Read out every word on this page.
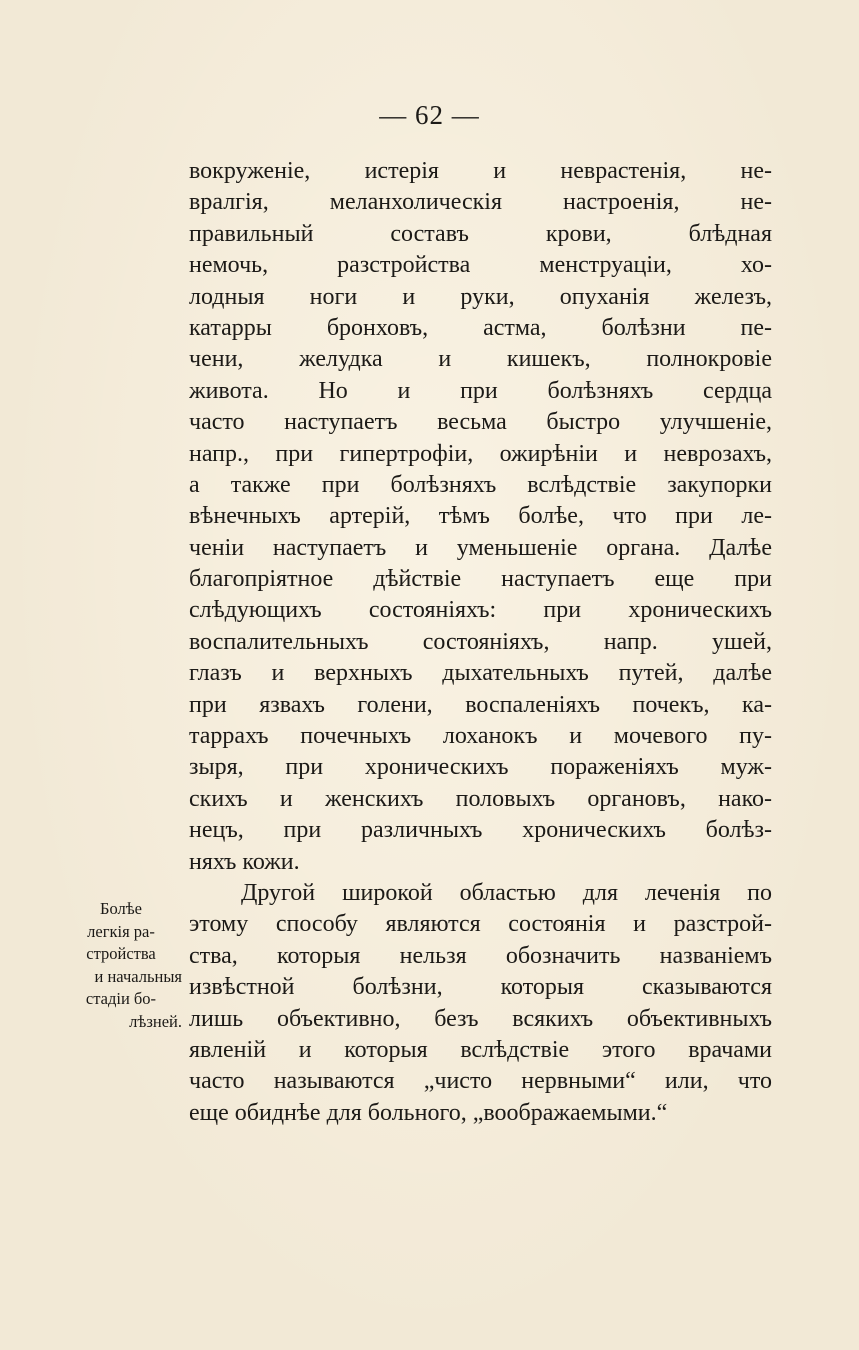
— 62 —
вокруженіе, истерія и неврастенія, не-
вралгія, меланхолическія настроенія, не-
правильный составъ крови, блѣдная
немочь, разстройства менструаціи, хо-
лодныя ноги и руки, опуханія железъ,
катарры бронховъ, астма, болѣзни пе-
чени, желудка и кишекъ, полнокровіе
живота. Но и при болѣзняхъ сердца
часто наступаетъ весьма быстро улучшеніе,
напр., при гипертрофіи, ожирѣніи и неврозахъ,
а также при болѣзняхъ вслѣдствіе закупорки
вѣнечныхъ артерій, тѣмъ болѣе, что при ле-
ченіи наступаетъ и уменьшеніе органа. Далѣе
благопріятное дѣйствіе наступаетъ еще при
слѣдующихъ состояніяхъ: при хроническихъ
воспалительныхъ состояніяхъ, напр. ушей,
глазъ и верхныхъ дыхательныхъ путей, далѣе
при язвахъ голени, воспаленіяхъ почекъ, ка-
таррахъ почечныхъ лоханокъ и мочевого пу-
зыря, при хроническихъ пораженіяхъ муж-
скихъ и женскихъ половыхъ органовъ, нако-
нецъ, при различныхъ хроническихъ болѣз-
няхъ кожи.
Другой широкой областью для леченія по
этому способу являются состоянія и разстрой-
ства, которыя нельзя обозначить названіемъ
извѣстной болѣзни, которыя сказываются
лишь объективно, безъ всякихъ объективныхъ
явленій и которыя вслѣдствіе этого врачами
часто называются „чисто нервными“ или, что
еще обиднѣе для больного, „воображаемыми.“
Болѣе
легкія ра-
стройства
и начальныя
стадіи бо-
лѣзней.
